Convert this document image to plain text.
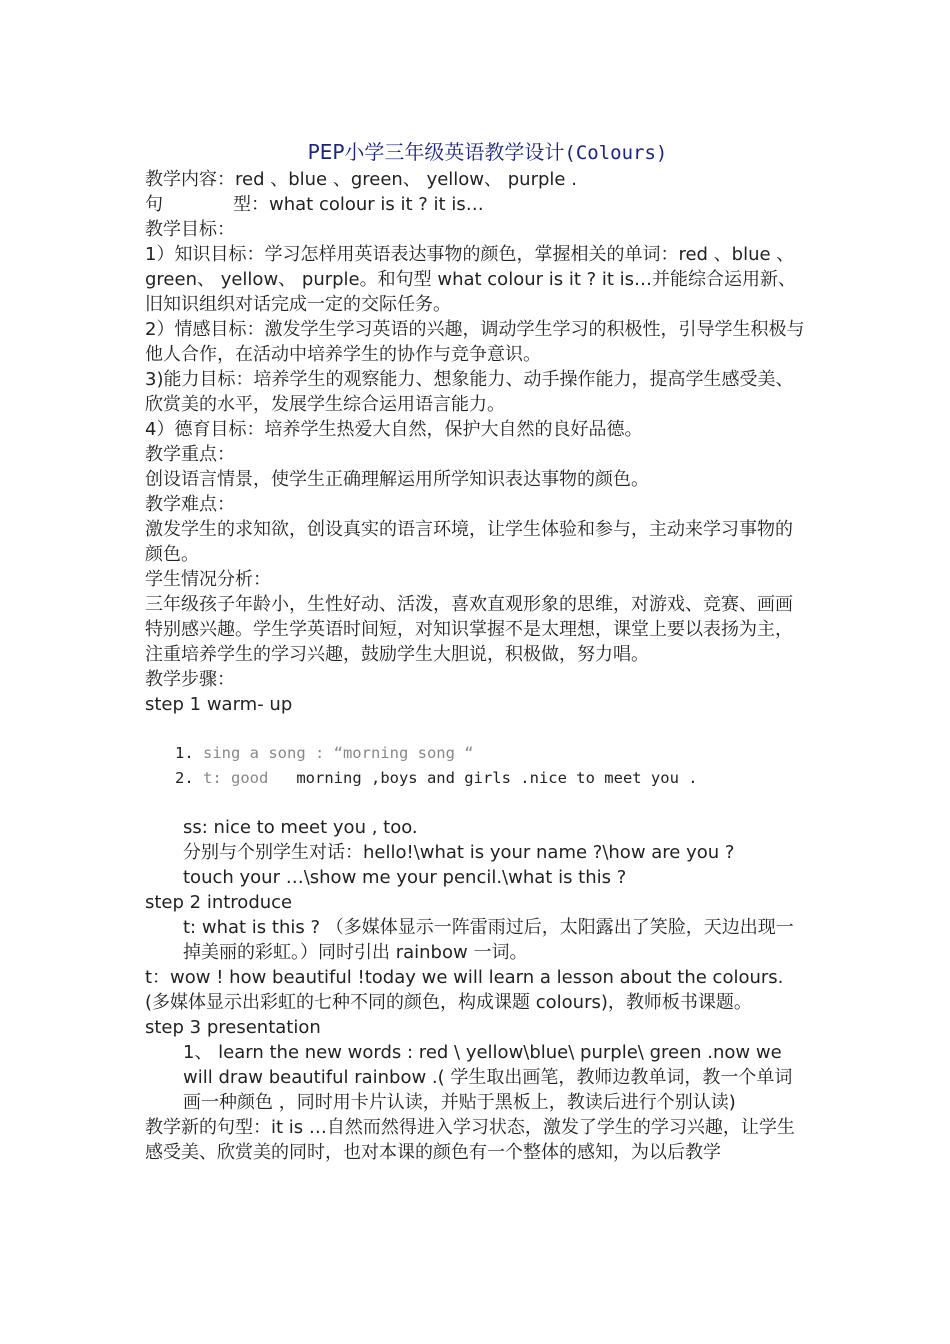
PEP小学三年级英语教学设计(Colours)

教学内容：red 、blue 、green、 yellow、 purple .

句	型：what colour is it ? it is…

教学目标：

1）知识目标：学习怎样用英语表达事物的颜色，掌握相关的单词：red 、blue 、green、 yellow、 purple。和句型 what colour is it ? it is…并能综合运用新、旧知识组织对话完成一定的交际任务。

2）情感目标：激发学生学习英语的兴趣，调动学生学习的积极性，引导学生积极与他人合作，在活动中培养学生的协作与竞争意识。

3)能力目标：培养学生的观察能力、想象能力、动手操作能力，提高学生感受美、欣赏美的水平，发展学生综合运用语言能力。

4）德育目标：培养学生热爱大自然，保护大自然的良好品德。

教学重点：

创设语言情景，使学生正确理解运用所学知识表达事物的颜色。

教学难点：

激发学生的求知欲，创设真实的语言环境，让学生体验和参与，主动来学习事物的颜色。

学生情况分析：

三年级孩子年龄小，生性好动、活泼，喜欢直观形象的思维，对游戏、竞赛、画画特别感兴趣。学生学英语时间短，对知识掌握不是太理想，课堂上要以表扬为主，注重培养学生的学习兴趣，鼓励学生大胆说，积极做，努力唱。

教学步骤：

step 1 warm- up

1. sing a song : “morning song “
2. t: good morning ,boys and girls .nice to meet you .

ss: nice to meet you , too.

分别与个别学生对话：hello!\what is your name ?\how are you ?

touch your …\show me your pencil.\what is this ?

step 2 introduce

t: what is this ? （多媒体显示一阵雷雨过后，太阳露出了笑脸，天边出现一掉美丽的彩虹。）同时引出 rainbow 一词。

t：wow ! how beautiful !today we will learn a lesson about the colours.

(多媒体显示出彩虹的七种不同的颜色，构成课题 colours)，教师板书课题。

step 3 presentation

1、 learn the new words : red \ yellow\blue\ purple\ green .now we will draw beautiful rainbow .( 学生取出画笔，教师边教单词，教一个单词画一种颜色 ，同时用卡片认读，并贴于黑板上，教读后进行个别认读)

教学新的句型：it is …自然而然得进入学习状态，激发了学生的学习兴趣，让学生感受美、欣赏美的同时，也对本课的颜色有一个整体的感知，为以后教学
